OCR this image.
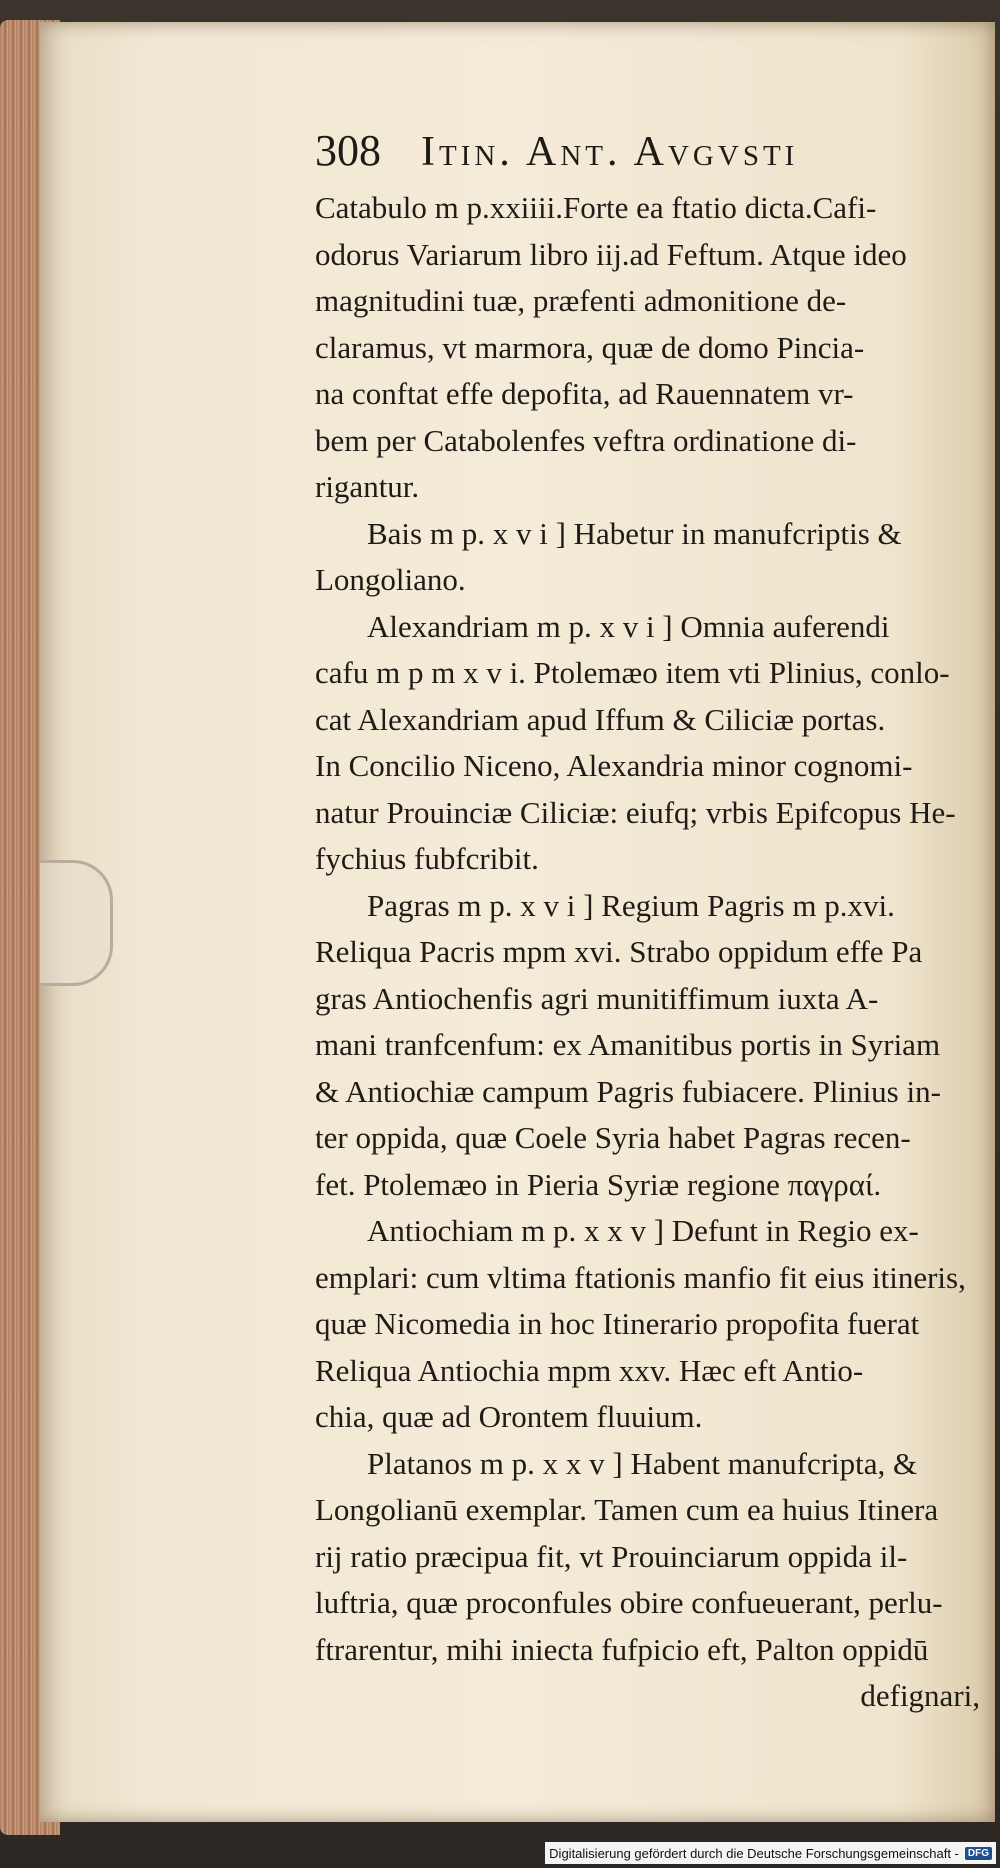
308 Itin. Ant. Avgvsti
Catabulo m p.xxiiii.Forte ea ftatio dicta.Cafi-
odorus Variarum libro iij.ad Feftum. Atque ideo
magnitudini tuæ, præfenti admonitione de-
claramus, vt marmora, quæ de domo Pincia-
na conftat effe depofita, ad Rauennatem vr-
bem per Catabolenfes veftra ordinatione di-
rigantur.
Bais m p. x v i ] Habetur in manufcriptis &
Longoliano.
Alexandriam m p. x v i ] Omnia auferendi
cafu m p m x v i. Ptolemæo item vti Plinius, conlo-
cat Alexandriam apud Iffum & Ciliciæ portas.
In Concilio Niceno, Alexandria minor cognomi-
natur Prouinciæ Ciliciæ: eiufq; vrbis Epifcopus He-
fychius fubfcribit.
Pagras m p. x v i ] Regium Pagris m p.xvi.
Reliqua Pacris mpm xvi. Strabo oppidum effe Pa
gras Antiochenfis agri munitiffimum iuxta A-
mani tranfcenfum: ex Amanitibus portis in Syriam
& Antiochiæ campum Pagris fubiacere. Plinius in-
ter oppida, quæ Coele Syria habet Pagras recen-
fet. Ptolemæo in Pieria Syriæ regione παγραί.
Antiochiam m p. x x v ] Defunt in Regio ex-
emplari: cum vltima ftationis manfio fit eius itineris,
quæ Nicomedia in hoc Itinerario propofita fuerat
Reliqua Antiochia mpm xxv. Hæc eft Antio-
chia, quæ ad Orontem fluuium.
Platanos m p. x x v ] Habent manufcripta, &
Longolianū exemplar. Tamen cum ea huius Itinera
rij ratio præcipua fit, vt Prouinciarum oppida il-
luftria, quæ proconfules obire confueuerant, perlu-
ftrarentur, mihi iniecta fufpicio eft, Palton oppidū
defignari,
Digitalisierung gefördert durch die Deutsche Forschungsgemeinschaft - DFG
